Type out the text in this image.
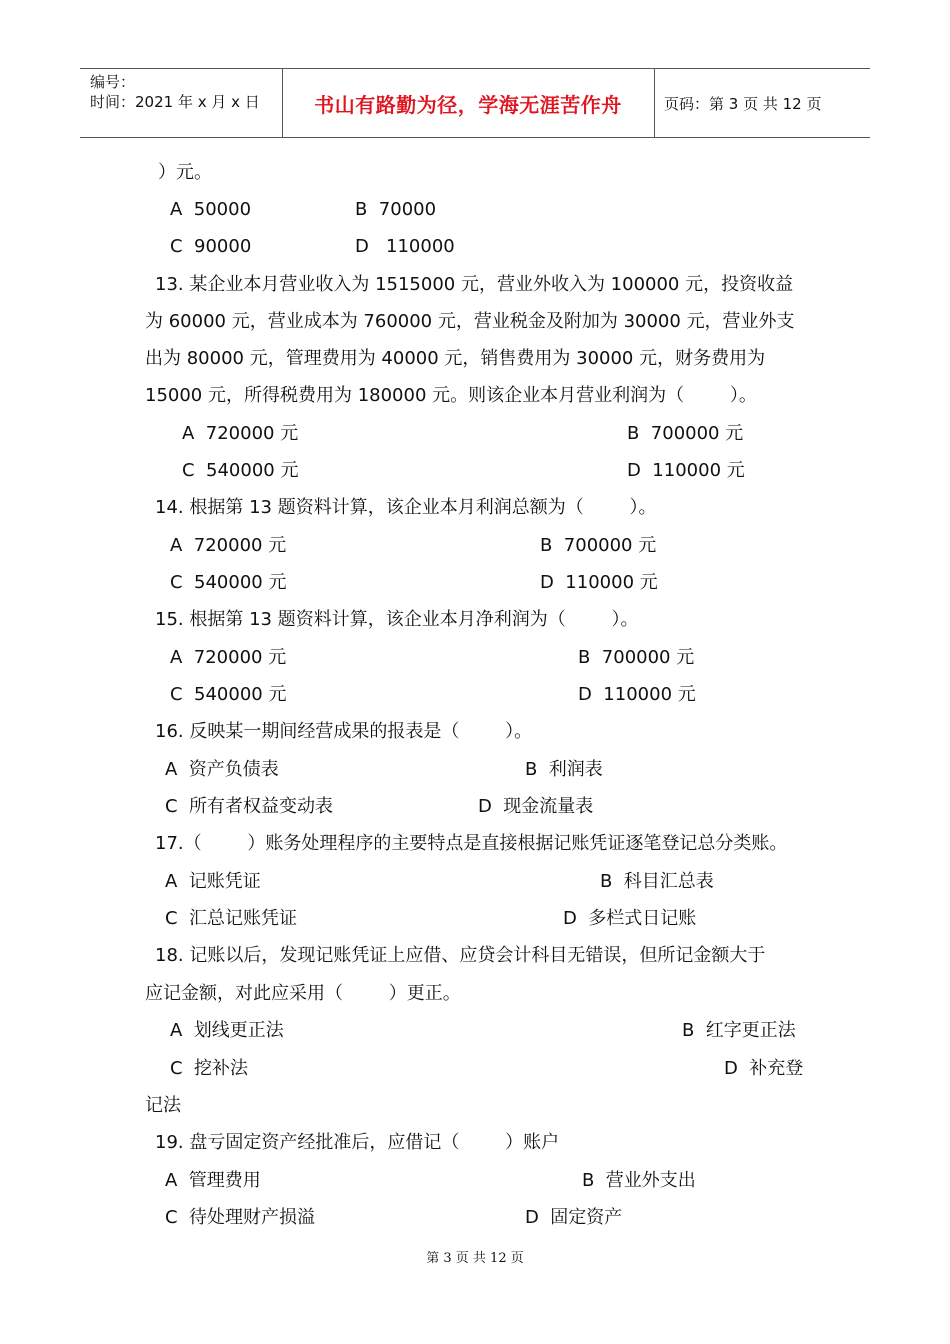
编号：
时间：2021 年 x 月 x 日	书山有路勤为径，学海无涯苦作舟	页码：第 3 页 共 12 页
）元。
A  50000	B  70000
C  90000	D   110000
13. 某企业本月营业收入为 1515000 元，营业外收入为 100000 元，投资收益
为 60000 元，营业成本为 760000 元，营业税金及附加为 30000 元，营业外支
出为 80000 元，管理费用为 40000 元，销售费用为 30000 元，财务费用为
15000 元，所得税费用为 180000 元。则该企业本月营业利润为（        ）。
A  720000 元	B  700000 元
C  540000 元	D  110000 元
14. 根据第 13 题资料计算，该企业本月利润总额为（        ）。
A  720000 元	B  700000 元
C  540000 元	D  110000 元
15. 根据第 13 题资料计算，该企业本月净利润为（        ）。
A  720000 元	B  700000 元
C  540000 元	D  110000 元
16. 反映某一期间经营成果的报表是（        ）。
A  资产负债表	B  利润表
C  所有者权益变动表	D  现金流量表
17.（        ）账务处理程序的主要特点是直接根据记账凭证逐笔登记总分类账。
A  记账凭证	B  科目汇总表
C  汇总记账凭证	D  多栏式日记账
18. 记账以后，发现记账凭证上应借、应贷会计科目无错误，但所记金额大于
应记金额，对此应采用（        ）更正。
A  划线更正法	B  红字更正法
C  挖补法	D  补充登
记法
19. 盘亏固定资产经批准后，应借记（        ）账户
A  管理费用	B  营业外支出
C  待处理财产损溢	D  固定资产
第 3 页 共 12 页
